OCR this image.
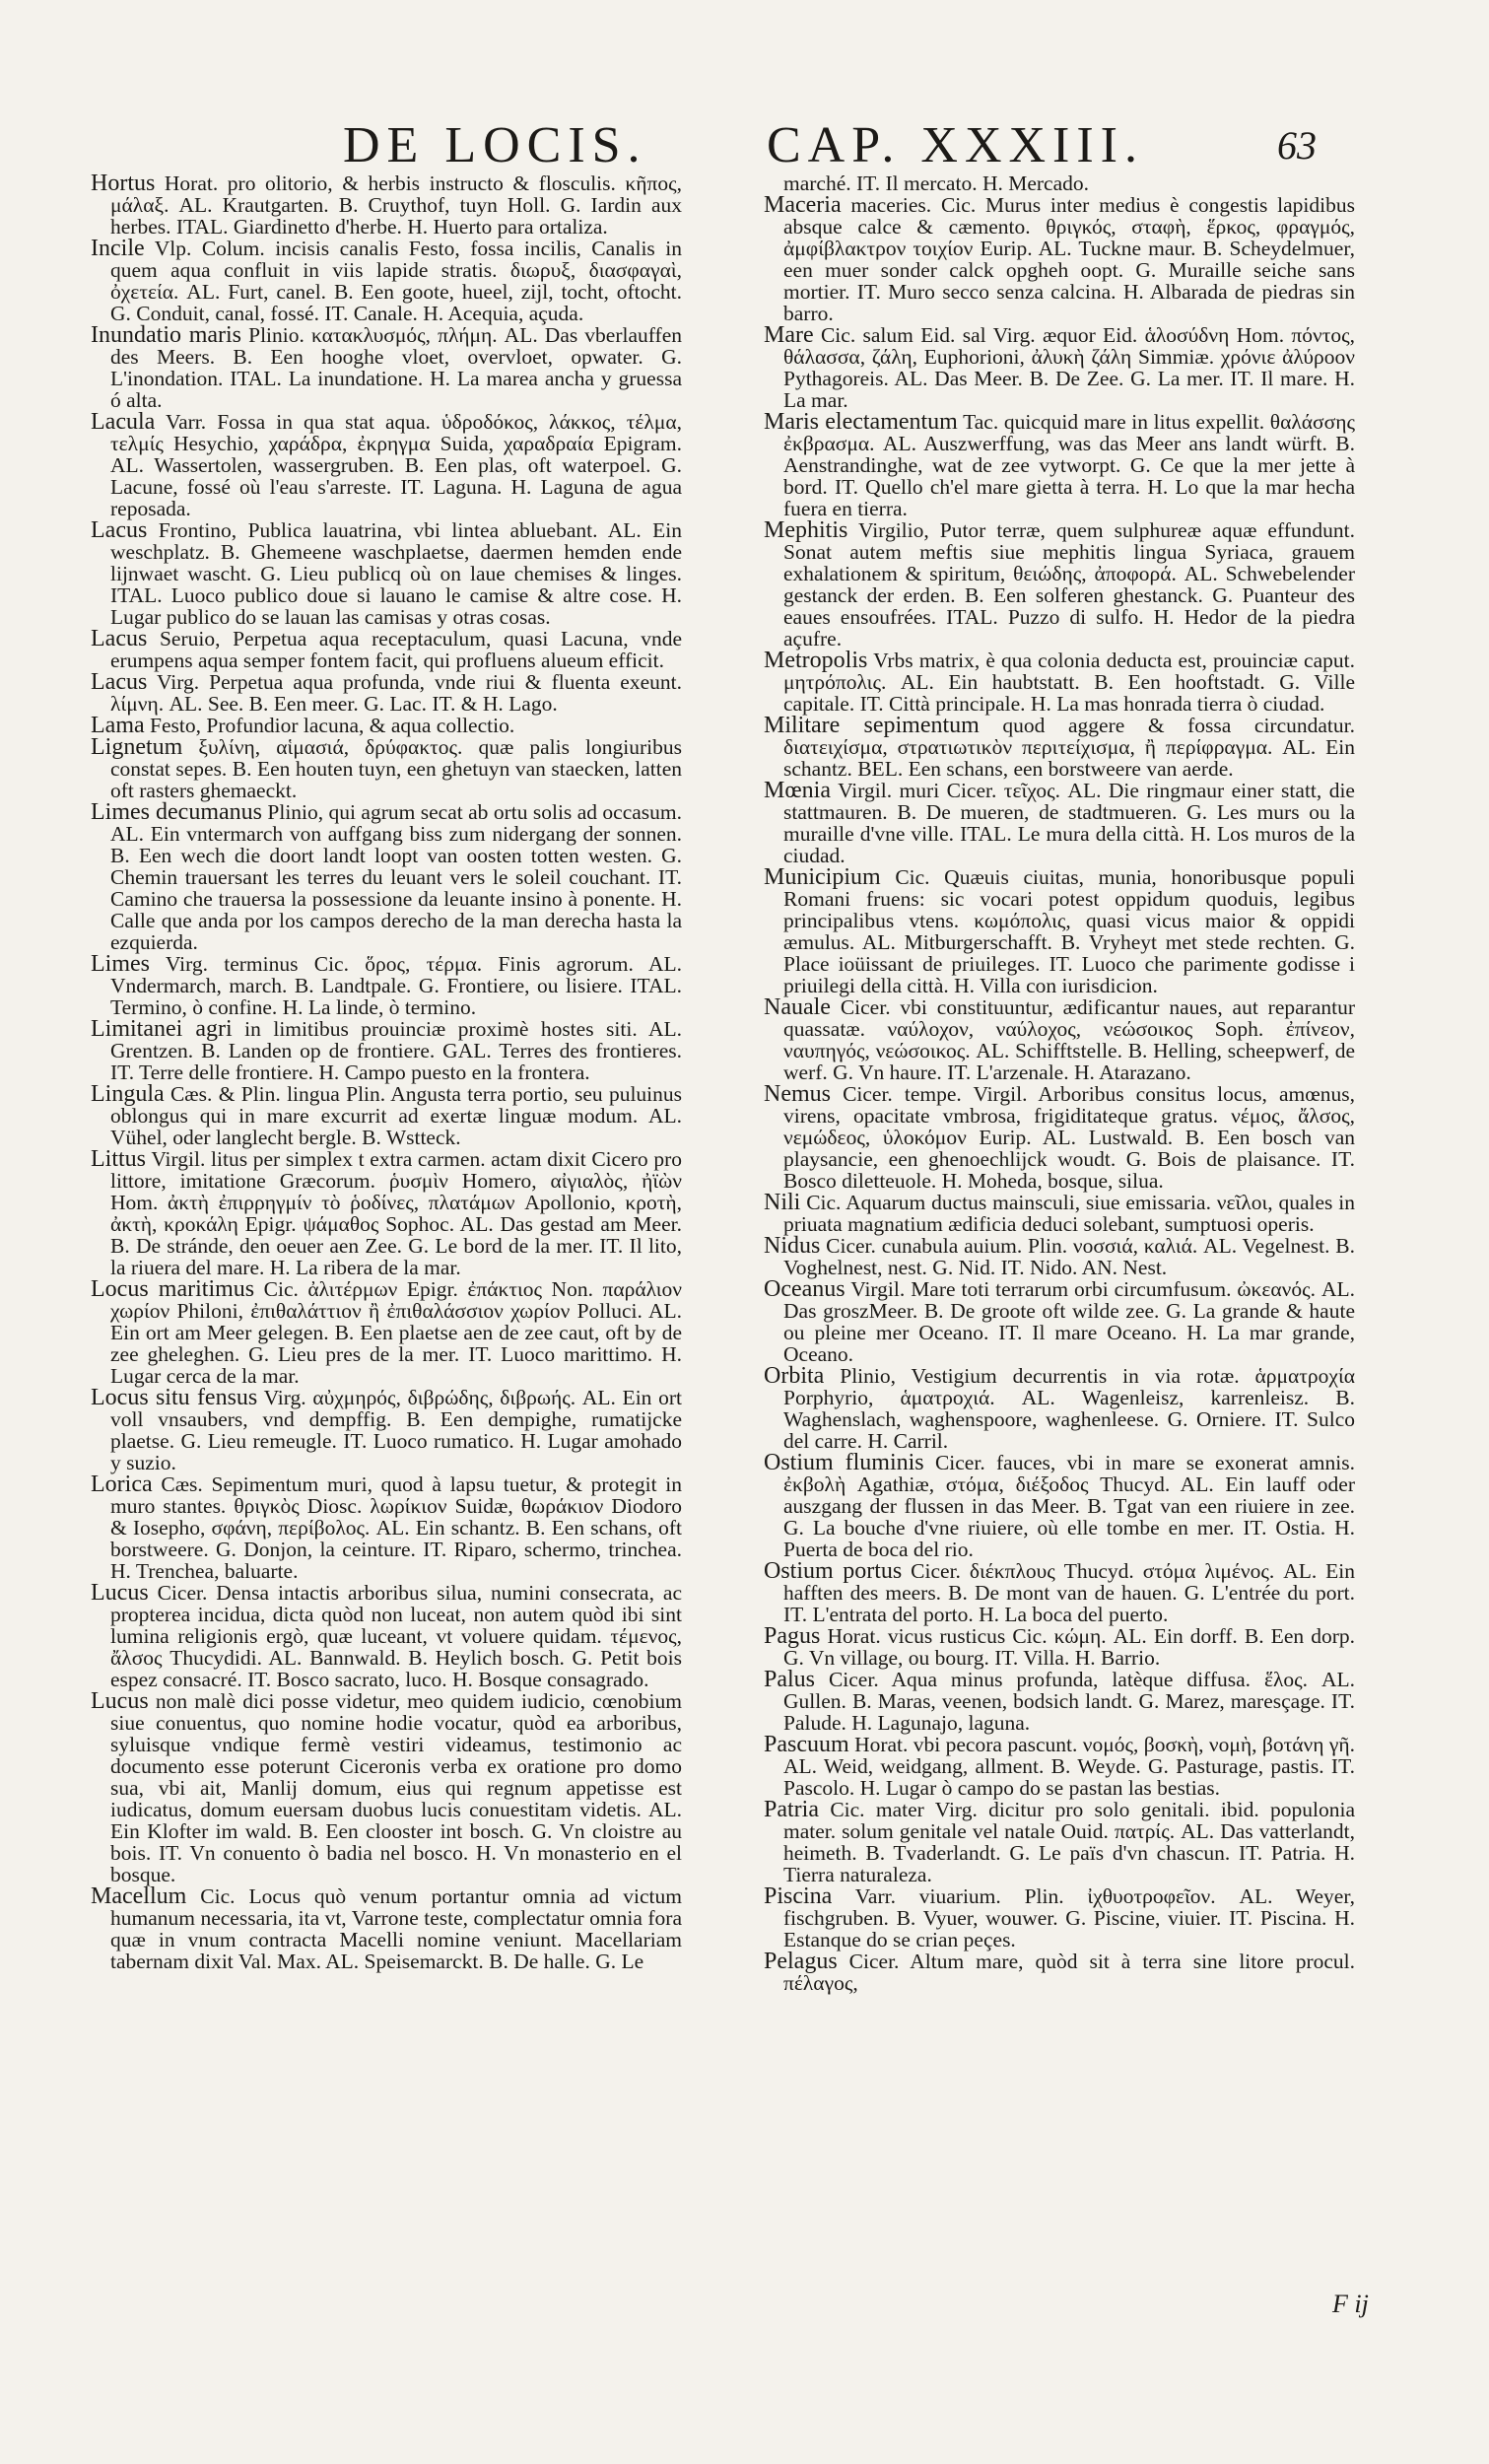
DE LOCIS. CAP. XXXIII.	63
Hortus Horat. pro olitorio, & herbis instructo & flosculis. κῆπος, μάλαξ. AL. Krautgarten. B. Cruythof, tuyn Holl. G. Iardin aux herbes. ITAL. Giardinetto d'herbe. H. Huerto para ortaliza.
Incile Vlp. Colum. incisis canalis Festo, fossa incilis, Canalis in quem aqua confluit in viis lapide stratis. διωρυξ, διασφαγαὶ, ὀχετεία. AL. Furt, canel. B. Een goote, hueel, zijl, tocht, oftocht. G. Conduit, canal, fossé. IT. Canale. H. Acequia, açuda.
Inundatio maris Plinio. κατακλυσμός, πλήμη. AL. Das vberlauffen des Meers. B. Een hooghe vloet, overvloet, opwater. G. L'inondation. ITAL. La inundatione. H. La marea ancha y gruessa ó alta.
Lacula Varr. Fossa in qua stat aqua. ὑδροδόκος, λάκκος, τέλμα, τελμίς Hesychio, χαράδρα, ἐκρηγμα Suida, χαραδραία Epigram. AL. Wassertolen, wassergruben. B. Een plas, oft waterpoel. G. Lacune, fossé où l'eau s'arreste. IT. Laguna. H. Laguna de agua reposada.
Lacus Frontino, Publica lauatrina, vbi lintea abluebant. AL. Ein weschplatz. B. Ghemeene waschplaetse, daermen hemden ende lijnwaet wascht. G. Lieu publicq où on laue chemises & linges. ITAL. Luoco publico doue si lauano le camise & altre cose. H. Lugar publico do se lauan las camisas y otras cosas.
Lacus Seruio, Perpetua aqua receptaculum, quasi Lacuna, vnde erumpens aqua semper fontem facit, qui profluens alueum efficit.
Lacus Virg. Perpetua aqua profunda, vnde riui & fluenta exeunt. λίμνη. AL. See. B. Een meer. G. Lac. IT. & H. Lago.
Lama Festo, Profundior lacuna, & aqua collectio.
Lignetum ξυλίνη, αἱμασιά, δρύφακτος. quæ palis longiuribus constat sepes. B. Een houten tuyn, een ghetuyn van staecken, latten oft rasters ghemaeckt.
Limes decumanus Plinio, qui agrum secat ab ortu solis ad occasum. AL. Ein vntermarch von auffgang biss zum nidergang der sonnen. B. Een wech die doort landt loopt van oosten totten westen. G. Chemin trauersant les terres du leuant vers le soleil couchant. IT. Camino che trauersa la possessione da leuante insino à ponente. H. Calle que anda por los campos derecho de la man derecha hasta la ezquierda.
Limes Virg. terminus Cic. ὅρος, τέρμα. Finis agrorum. AL. Vndermarch, march. B. Landtpale. G. Frontiere, ou lisiere. ITAL. Termino, ò confine. H. La linde, ò termino.
Limitanei agri in limitibus prouinciæ proximè hostes siti. AL. Grentzen. B. Landen op de frontiere. GAL. Terres des frontieres. IT. Terre delle frontiere. H. Campo puesto en la frontera.
Lingula Cæs. & Plin. lingua Plin. Angusta terra portio, seu puluinus oblongus qui in mare excurrit ad exertæ linguæ modum. AL. Vühel, oder langlecht bergle. B. Wstteck.
Littus Virgil. litus per simplex t extra carmen. actam dixit Cicero pro littore, imitatione Græcorum. ῥυσμὶν Homero, αἰγιαλὸς, ἠϊὼν Hom. ἀκτὴ ἐπιρρηγμίν τὸ ῥοδίνες, πλατάμων Apollonio, κροτὴ, ἀκτὴ, κροκάλη Epigr. ψάμαθος Sophoc. AL. Das gestad am Meer. B. De stránde, den oeuer aen Zee. G. Le bord de la mer. IT. Il lito, la riuera del mare. H. La ribera de la mar.
Locus maritimus Cic. ἀλιτέρμων Epigr. ἐπάκτιος Non. παράλιον χωρίον Philoni, ἐπιθαλάττιον ἢ ἐπιθαλάσσιον χωρίον Polluci. AL. Ein ort am Meer gelegen. B. Een plaetse aen de zee caut, oft by de zee gheleghen. G. Lieu pres de la mer. IT. Luoco marittimo. H. Lugar cerca de la mar.
Locus situ fensus Virg. αὐχμηρός, διβρώδης, διβρωής. AL. Ein ort voll vnsaubers, vnd dempffig. B. Een dempighe, rumatijcke plaetse. G. Lieu remeugle. IT. Luoco rumatico. H. Lugar amohado y suzio.
Lorica Cæs. Sepimentum muri, quod à lapsu tuetur, & protegit in muro stantes. θριγκὸς Diosc. λωρίκιον Suidæ, θωράκιον Diodoro & Iosepho, σφάνη, περίβολος. AL. Ein schantz. B. Een schans, oft borstweere. G. Donjon, la ceinture. IT. Riparo, schermo, trinchea. H. Trenchea, baluarte.
Lucus Cicer. Densa intactis arboribus silua, numini consecrata, ac propterea incidua, dicta quòd non luceat, non autem quòd ibi sint lumina religionis ergò, quæ luceant, vt voluere quidam. τέμενος, ἄλσος Thucydidi. AL. Bannwald. B. Heylich bosch. G. Petit bois espez consacré. IT. Bosco sacrato, luco. H. Bosque consagrado.
Lucus non malè dici posse videtur, meo quidem iudicio, cœnobium siue conuentus, quo nomine hodie vocatur, quòd ea arboribus, syluisque vndique fermè vestiri videamus, testimonio ac documento esse poterunt Ciceronis verba ex oratione pro domo sua, vbi ait, Manlij domum, eius qui regnum appetisse est iudicatus, domum euersam duobus lucis conuestitam videtis. AL. Ein Klofter im wald. B. Een clooster int bosch. G. Vn cloistre au bois. IT. Vn conuento ò badia nel bosco. H. Vn monasterio en el bosque.
Macellum Cic. Locus quò venum portantur omnia ad victum humanum necessaria, ita vt, Varrone teste, complectatur omnia fora quæ in vnum contracta Macelli nomine veniunt. Macellariam tabernam dixit Val. Max. AL. Speisemarckt. B. De halle. G. Le
marché. IT. Il mercato. H. Mercado.
Maceria maceries. Cic. Murus inter medius è congestis lapidibus absque calce & cæmento. θριγκός, σταφὴ, ἕρκος, φραγμός, ἀμφίβλακτρον τοιχίον Eurip. AL. Tuckne maur. B. Scheydelmuer, een muer sonder calck opgheh oopt. G. Muraille seiche sans mortier. IT. Muro secco senza calcina. H. Albarada de piedras sin barro.
Mare Cic. salum Eid. sal Virg. æquor Eid. ἁλοσύδνη Hom. πόντος, θάλασσα, ζάλη, Euphorioni, ἀλυκὴ ζάλη Simmiæ. χρόνιε ἀλύροον Pythagoreis. AL. Das Meer. B. De Zee. G. La mer. IT. Il mare. H. La mar.
Maris electamentum Tac. quicquid mare in litus expellit. θαλάσσης ἐκβρασμα. AL. Auszwerffung, was das Meer ans landt würft. B. Aenstrandinghe, wat de zee vytworpt. G. Ce que la mer jette à bord. IT. Quello ch'el mare gietta à terra. H. Lo que la mar hecha fuera en tierra.
Mephitis Virgilio, Putor terræ, quem sulphureæ aquæ effundunt. Sonat autem meftis siue mephitis lingua Syriaca, grauem exhalationem & spiritum, θειώδης, ἀποφορά. AL. Schwebelender gestanck der erden. B. Een solferen ghestanck. G. Puanteur des eaues ensoufrées. ITAL. Puzzo di sulfo. H. Hedor de la piedra açufre.
Metropolis Vrbs matrix, è qua colonia deducta est, prouinciæ caput. μητρόπολις. AL. Ein haubtstatt. B. Een hooftstadt. G. Ville capitale. IT. Città principale. H. La mas honrada tierra ò ciudad.
Militare sepimentum quod aggere & fossa circundatur. διατειχίσμα, στρατιωτικὸν περιτείχισμα, ἢ περίφραγμα. AL. Ein schantz. BEL. Een schans, een borstweere van aerde.
Mœnia Virgil. muri Cicer. τεῖχος. AL. Die ringmaur einer statt, die stattmauren. B. De mueren, de stadtmueren. G. Les murs ou la muraille d'vne ville. ITAL. Le mura della città. H. Los muros de la ciudad.
Municipium Cic. Quæuis ciuitas, munia, honoribusque populi Romani fruens: sic vocari potest oppidum quoduis, legibus principalibus vtens. κωμόπολις, quasi vicus maior & oppidi æmulus. AL. Mitburgerschafft. B. Vryheyt met stede rechten. G. Place ioüissant de priuileges. IT. Luoco che parimente godisse i priuilegi della città. H. Villa con iurisdicion.
Nauale Cicer. vbi constituuntur, ædificantur naues, aut reparantur quassatæ. ναύλοχον, ναύλοχος, νεώσοικος Soph. ἐπίνεον, ναυπηγός, νεώσοικος. AL. Schifftstelle. B. Helling, scheepwerf, de werf. G. Vn haure. IT. L'arzenale. H. Atarazano.
Nemus Cicer. tempe. Virgil. Arboribus consitus locus, amœnus, virens, opacitate vmbrosa, frigiditateque gratus. νέμος, ἄλσος, νεμώδεος, ὑλοκόμον Eurip. AL. Lustwald. B. Een bosch van playsancie, een ghenoechlijck woudt. G. Bois de plaisance. IT. Bosco diletteuole. H. Moheda, bosque, silua.
Nili Cic. Aquarum ductus mainsculi, siue emissaria. νεῖλοι, quales in priuata magnatium ædificia deduci solebant, sumptuosi operis.
Nidus Cicer. cunabula auium. Plin. νοσσιά, καλιά. AL. Vegelnest. B. Voghelnest, nest. G. Nid. IT. Nido. AN. Nest.
Oceanus Virgil. Mare toti terrarum orbi circumfusum. ὠκεανός. AL. Das groszMeer. B. De groote oft wilde zee. G. La grande & haute ou pleine mer Oceano. IT. Il mare Oceano. H. La mar grande, Oceano.
Orbita Plinio, Vestigium decurrentis in via rotæ. ἁρματροχία Porphyrio, ἁματροχιά. AL. Wagenleisz, karrenleisz. B. Waghenslach, waghenspoore, waghenleese. G. Orniere. IT. Sulco del carre. H. Carril.
Ostium fluminis Cicer. fauces, vbi in mare se exonerat amnis. ἐκβολὴ Agathiæ, στόμα, διέξοδος Thucyd. AL. Ein lauff oder auszgang der flussen in das Meer. B. Tgat van een riuiere in zee. G. La bouche d'vne riuiere, où elle tombe en mer. IT. Ostia. H. Puerta de boca del rio.
Ostium portus Cicer. διέκπλους Thucyd. στόμα λιμένος. AL. Ein hafften des meers. B. De mont van de hauen. G. L'entrée du port. IT. L'entrata del porto. H. La boca del puerto.
Pagus Horat. vicus rusticus Cic. κώμη. AL. Ein dorff. B. Een dorp. G. Vn village, ou bourg. IT. Villa. H. Barrio.
Palus Cicer. Aqua minus profunda, latèque diffusa. ἕλος. AL. Gullen. B. Maras, veenen, bodsich landt. G. Marez, maresçage. IT. Palude. H. Lagunajo, laguna.
Pascuum Horat. vbi pecora pascunt. νομός, βοσκὴ, νομὴ, βοτάνη γῆ. AL. Weid, weidgang, allment. B. Weyde. G. Pasturage, pastis. IT. Pascolo. H. Lugar ò campo do se pastan las bestias.
Patria Cic. mater Virg. dicitur pro solo genitali. ibid. populonia mater. solum genitale vel natale Ouid. πατρίς. AL. Das vatterlandt, heimeth. B. Tvaderlandt. G. Le païs d'vn chascun. IT. Patria. H. Tierra naturaleza.
Piscina Varr. viuarium. Plin. ἰχθυοτροφεῖον. AL. Weyer, fischgruben. B. Vyuer, wouwer. G. Piscine, viuier. IT. Piscina. H. Estanque do se crian peçes.
Pelagus Cicer. Altum mare, quòd sit à terra sine litore procul. πέλαγος,
F ij
